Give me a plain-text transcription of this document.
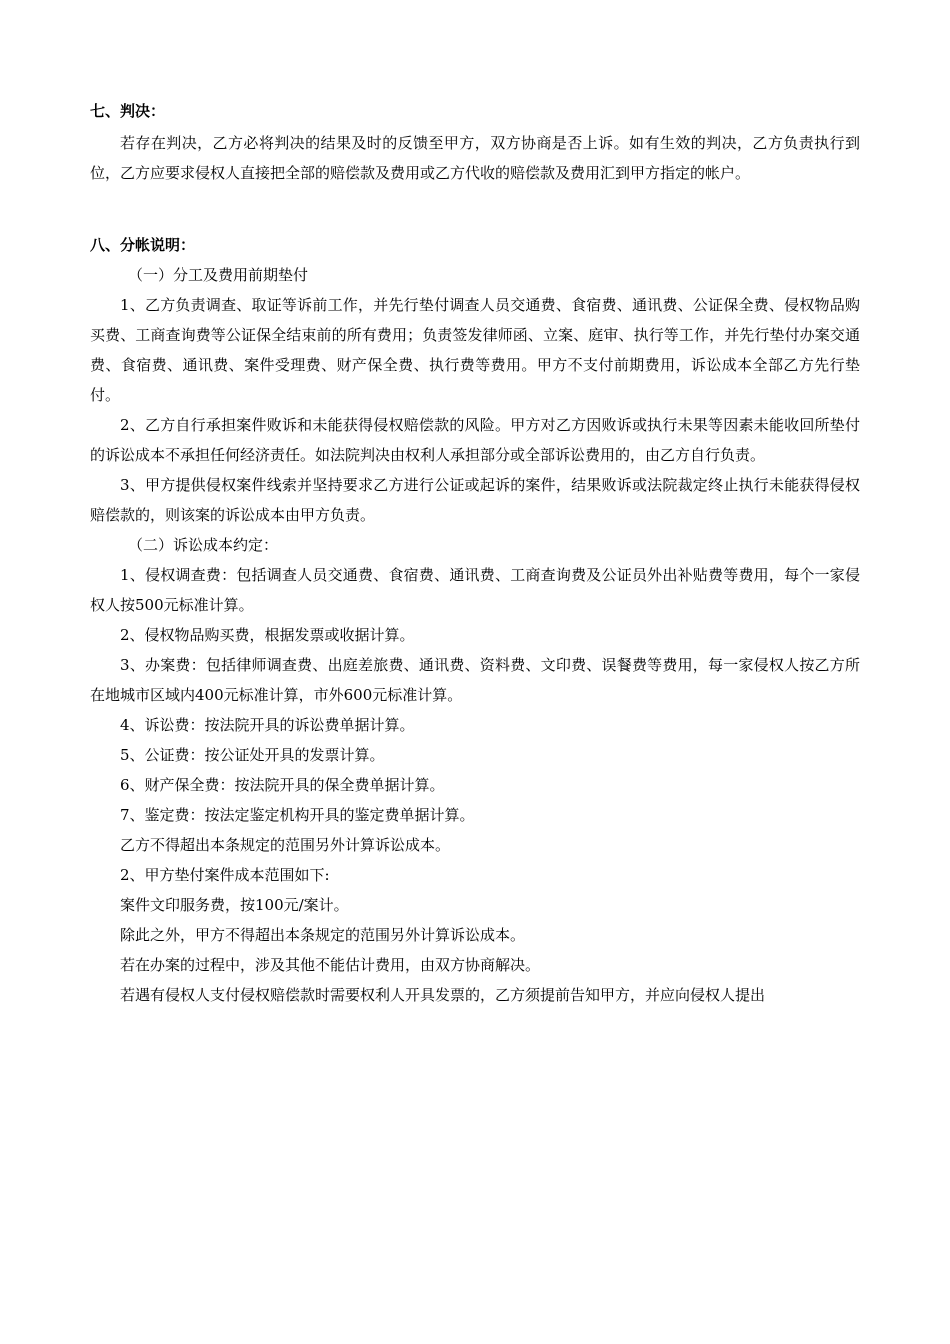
七、判决：

若存在判决，乙方必将判决的结果及时的反馈至甲方，双方协商是否上诉。如有生效的判决，乙方负责执行到位，乙方应要求侵权人直接把全部的赔偿款及费用或乙方代收的赔偿款及费用汇到甲方指定的帐户。

八、分帐说明：

（一）分工及费用前期垫付

1、乙方负责调查、取证等诉前工作，并先行垫付调查人员交通费、食宿费、通讯费、公证保全费、侵权物品购买费、工商查询费等公证保全结束前的所有费用；负责签发律师函、立案、庭审、执行等工作，并先行垫付办案交通费、食宿费、通讯费、案件受理费、财产保全费、执行费等费用。甲方不支付前期费用，诉讼成本全部乙方先行垫付。

2、乙方自行承担案件败诉和未能获得侵权赔偿款的风险。甲方对乙方因败诉或执行未果等因素未能收回所垫付的诉讼成本不承担任何经济责任。如法院判决由权利人承担部分或全部诉讼费用的，由乙方自行负责。

3、甲方提供侵权案件线索并坚持要求乙方进行公证或起诉的案件，结果败诉或法院裁定终止执行未能获得侵权赔偿款的，则该案的诉讼成本由甲方负责。

（二）诉讼成本约定：

1、侵权调查费：包括调查人员交通费、食宿费、通讯费、工商查询费及公证员外出补贴费等费用，每个一家侵权人按500元标准计算。

2、侵权物品购买费，根据发票或收据计算。

3、办案费：包括律师调查费、出庭差旅费、通讯费、资料费、文印费、误餐费等费用，每一家侵权人按乙方所在地城市区域内400元标准计算，市外600元标准计算。

4、诉讼费：按法院开具的诉讼费单据计算。

5、公证费：按公证处开具的发票计算。

6、财产保全费：按法院开具的保全费单据计算。

7、鉴定费：按法定鉴定机构开具的鉴定费单据计算。

乙方不得超出本条规定的范围另外计算诉讼成本。

2、甲方垫付案件成本范围如下:

案件文印服务费，按100元/案计。

除此之外，甲方不得超出本条规定的范围另外计算诉讼成本。

若在办案的过程中，涉及其他不能估计费用，由双方协商解决。

若遇有侵权人支付侵权赔偿款时需要权利人开具发票的，乙方须提前告知甲方，并应向侵权人提出
